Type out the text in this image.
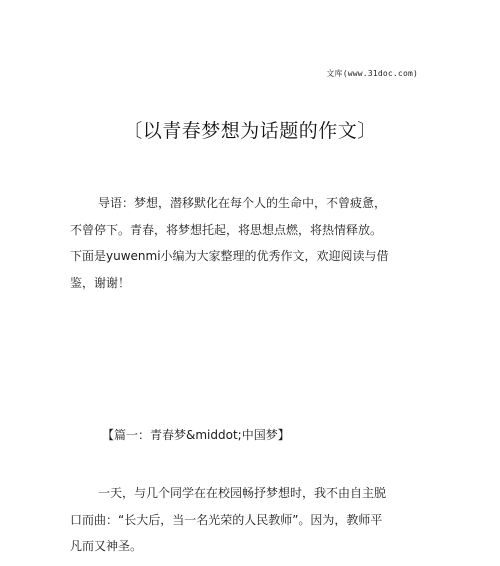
文库(www.31doc.com)
〔以青春梦想为话题的作文〕
导语：梦想，潜移默化在每个人的生命中，不曾疲惫，
不曾停下。青春，将梦想托起，将思想点燃，将热情释放。
下面是yuwenmi小编为大家整理的优秀作文，欢迎阅读与借
鉴，谢谢！
【篇一：青春梦&middot;中国梦】
一天，与几个同学在在校园畅抒梦想时，我不由自主脱
口而曲：“长大后，当一名光荣的人民教师”。因为，教师平
凡而又神圣。
